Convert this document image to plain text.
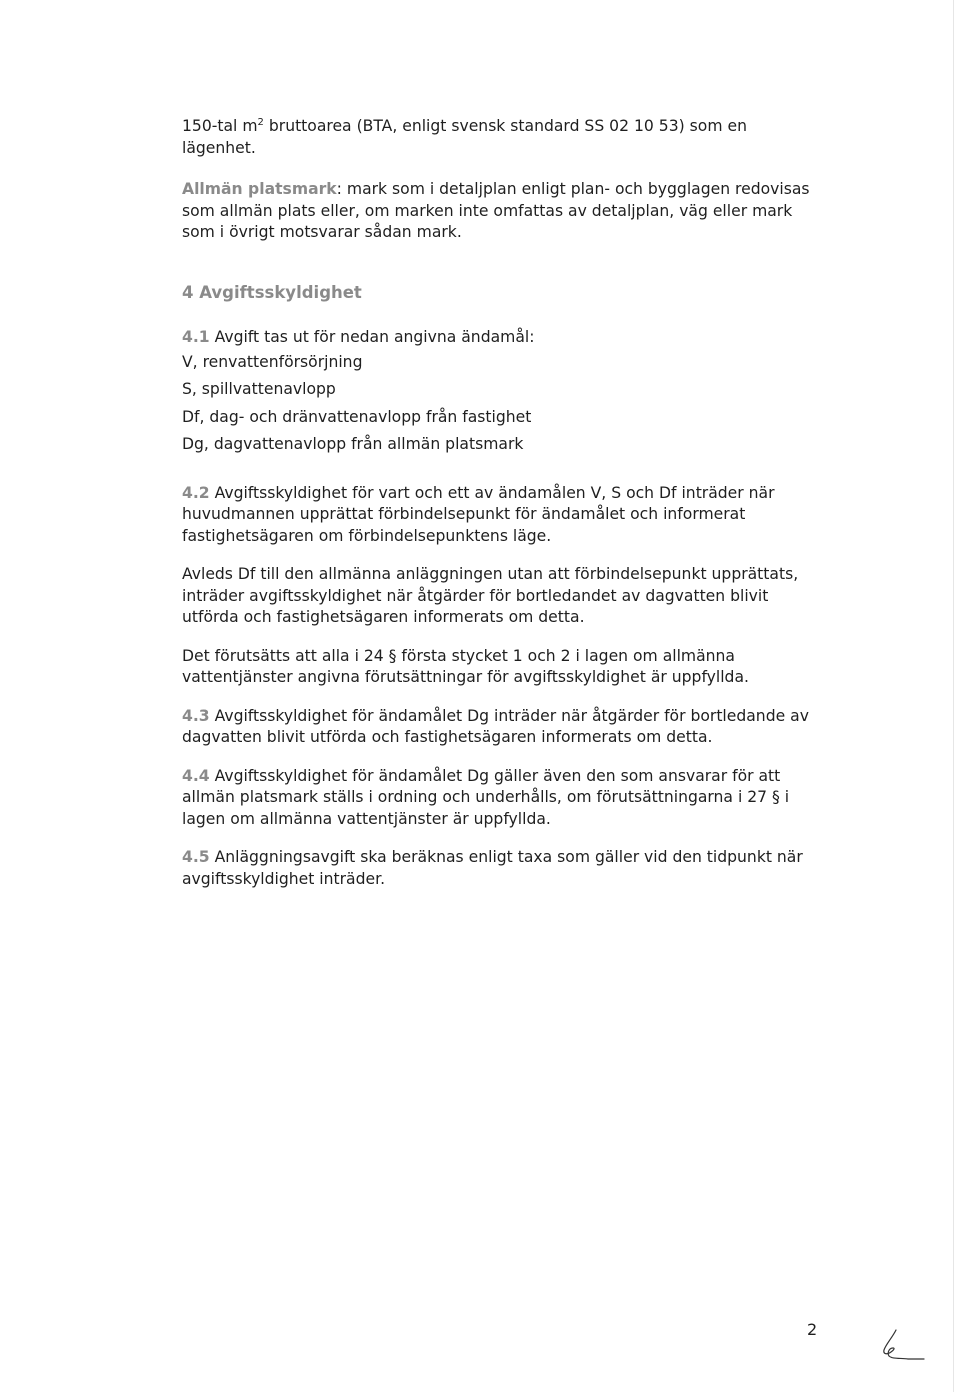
150-tal $m^2$ bruttoarea (BTA, enligt svensk standard SS 02 10 53) som en lägenhet.

Allmän platsmark: mark som i detaljplan enligt plan- och bygglagen redovisas som allmän plats eller, om marken inte omfattas av detaljplan, väg eller mark som i övrigt motsvarar sådan mark.

4 Avgiftsskyldighet

4.1 Avgift tas ut för nedan angivna ändamål:

V, renvattenförsörjning

S, spillvattenavlopp

Df, dag- och dränvattenavlopp från fastighet

Dg, dagvattenavlopp från allmän platsmark

4.2 Avgiftsskyldighet för vart och ett av ändamålen V, S och Df inträder när huvudmannen upprättat förbindelsepunkt för ändamålet och informerat fastighetsägaren om förbindelsepunktens läge.

Avleds Df till den allmänna anläggningen utan att förbindelsepunkt upprättats, inträder avgiftsskyldighet när åtgärder för bortledandet av dagvatten blivit utförda och fastighetsägaren informerats om detta.

Det förutsätts att alla i 24 § första stycket 1 och 2 i lagen om allmänna vattentjänster angivna förutsättningar för avgiftsskyldighet är uppfyllda.

4.3 Avgiftsskyldighet för ändamålet Dg inträder när åtgärder för bortledande av dagvatten blivit utförda och fastighetsägaren informerats om detta.

4.4 Avgiftsskyldighet för ändamålet Dg gäller även den som ansvarar för att allmän platsmark ställs i ordning och underhålls, om förutsättningarna i 27 § i lagen om allmänna vattentjänster är uppfyllda.

4.5 Anläggningsavgift ska beräknas enligt taxa som gäller vid den tidpunkt när avgiftsskyldighet inträder.

2
